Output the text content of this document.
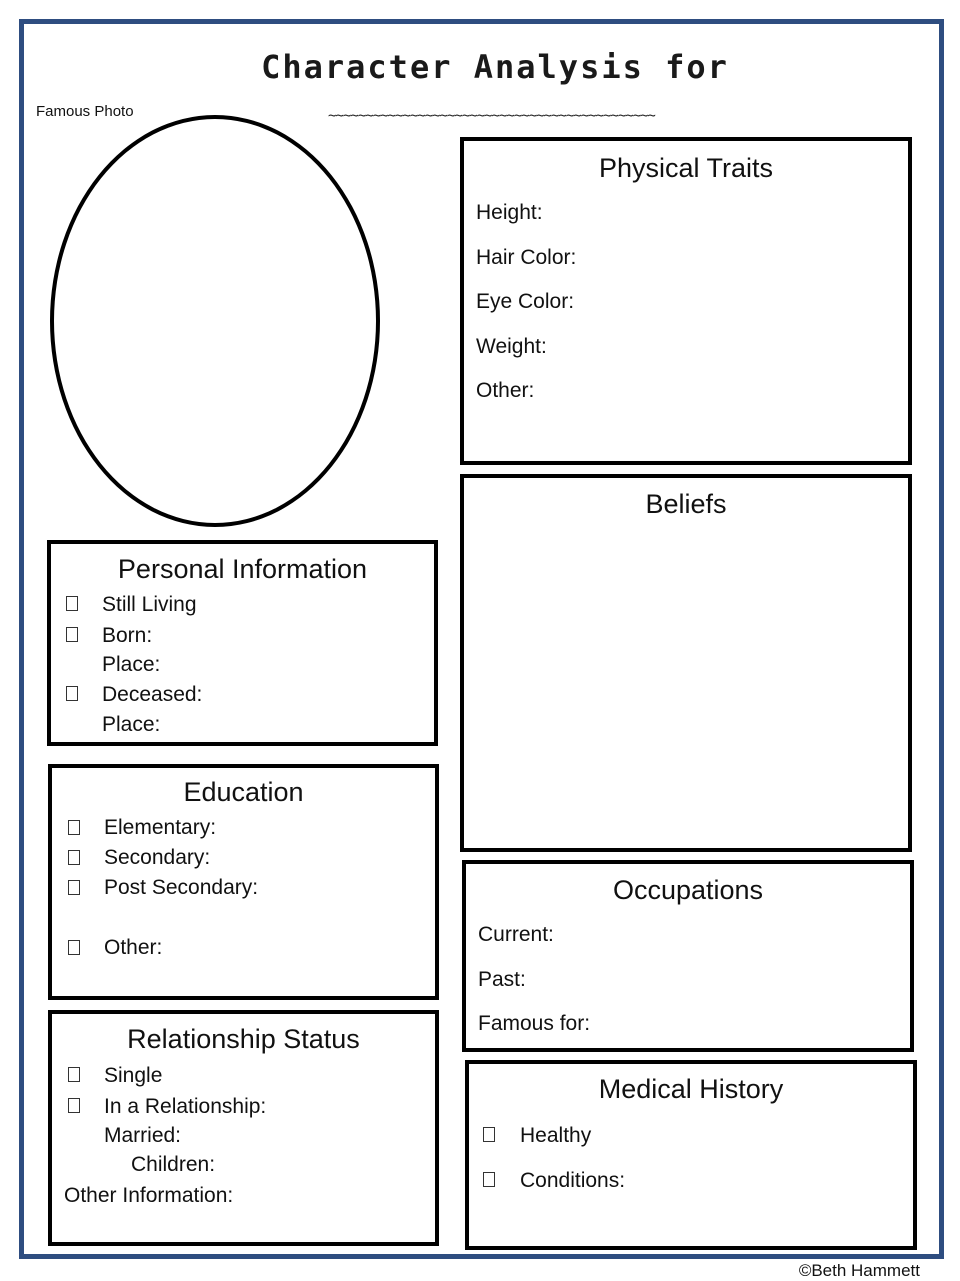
Character Analysis for
~~~~~~~~~~~~~~~~~~~~~~~~~~~~~~~~~~~~~~~~~~~~
Famous Photo
Physical Traits
Height:
Hair Color:
Eye Color:
Weight:
Other:
Beliefs
Personal Information
Still Living
Born:
Place:
Deceased:
Place:
Education
Elementary:
Secondary:
Post Secondary:
Other:
Occupations
Current:
Past:
Famous for:
Relationship Status
Single
In a Relationship:
Married:
Children:
Other Information:
Medical History
Healthy
Conditions:
©Beth Hammett
